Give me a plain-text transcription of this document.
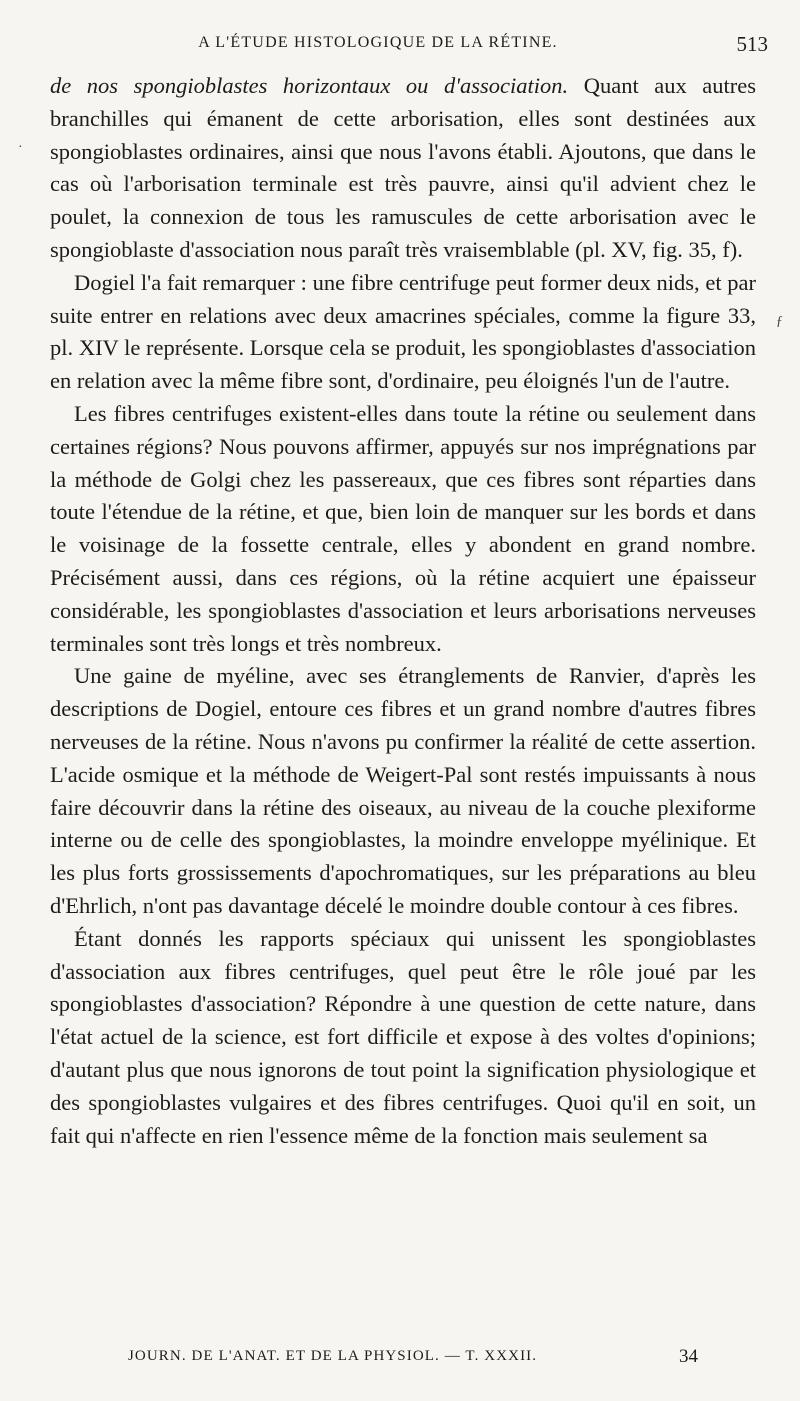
A L'ÉTUDE HISTOLOGIQUE DE LA RÉTINE.	513

de nos spongioblastes horizontaux ou d'association. Quant aux autres branchilles qui émanent de cette arborisation, elles sont destinées aux spongioblastes ordinaires, ainsi que nous l'avons établi. Ajoutons, que dans le cas où l'arborisation terminale est très pauvre, ainsi qu'il advient chez le poulet, la connexion de tous les ramuscules de cette arborisation avec le spongioblaste d'association nous paraît très vraisemblable (pl. XV, fig. 35, f).

Dogiel l'a fait remarquer : une fibre centrifuge peut former deux nids, et par suite entrer en relations avec deux amacrines spéciales, comme la figure 33, pl. XIV le représente. Lorsque cela se produit, les spongioblastes d'association en relation avec la même fibre sont, d'ordinaire, peu éloignés l'un de l'autre.

Les fibres centrifuges existent-elles dans toute la rétine ou seulement dans certaines régions? Nous pouvons affirmer, appuyés sur nos imprégnations par la méthode de Golgi chez les passereaux, que ces fibres sont réparties dans toute l'étendue de la rétine, et que, bien loin de manquer sur les bords et dans le voisinage de la fossette centrale, elles y abondent en grand nombre. Précisément aussi, dans ces régions, où la rétine acquiert une épaisseur considérable, les spongioblastes d'association et leurs arborisations nerveuses terminales sont très longs et très nombreux.

Une gaine de myéline, avec ses étranglements de Ranvier, d'après les descriptions de Dogiel, entoure ces fibres et un grand nombre d'autres fibres nerveuses de la rétine. Nous n'avons pu confirmer la réalité de cette assertion. L'acide osmique et la méthode de Weigert-Pal sont restés impuissants à nous faire découvrir dans la rétine des oiseaux, au niveau de la couche plexiforme interne ou de celle des spongioblastes, la moindre enveloppe myélinique. Et les plus forts grossissements d'apochromatiques, sur les préparations au bleu d'Ehrlich, n'ont pas davantage décelé le moindre double contour à ces fibres.

Étant donnés les rapports spéciaux qui unissent les spongioblastes d'association aux fibres centrifuges, quel peut être le rôle joué par les spongioblastes d'association? Répondre à une question de cette nature, dans l'état actuel de la science, est fort difficile et expose à des voltes d'opinions; d'autant plus que nous ignorons de tout point la signification physiologique et des spongioblastes vulgaires et des fibres centrifuges. Quoi qu'il en soit, un fait qui n'affecte en rien l'essence même de la fonction mais seulement sa

·
ƒ
JOURN. DE L'ANAT. ET DE LA PHYSIOL. — T. XXXII.	34
